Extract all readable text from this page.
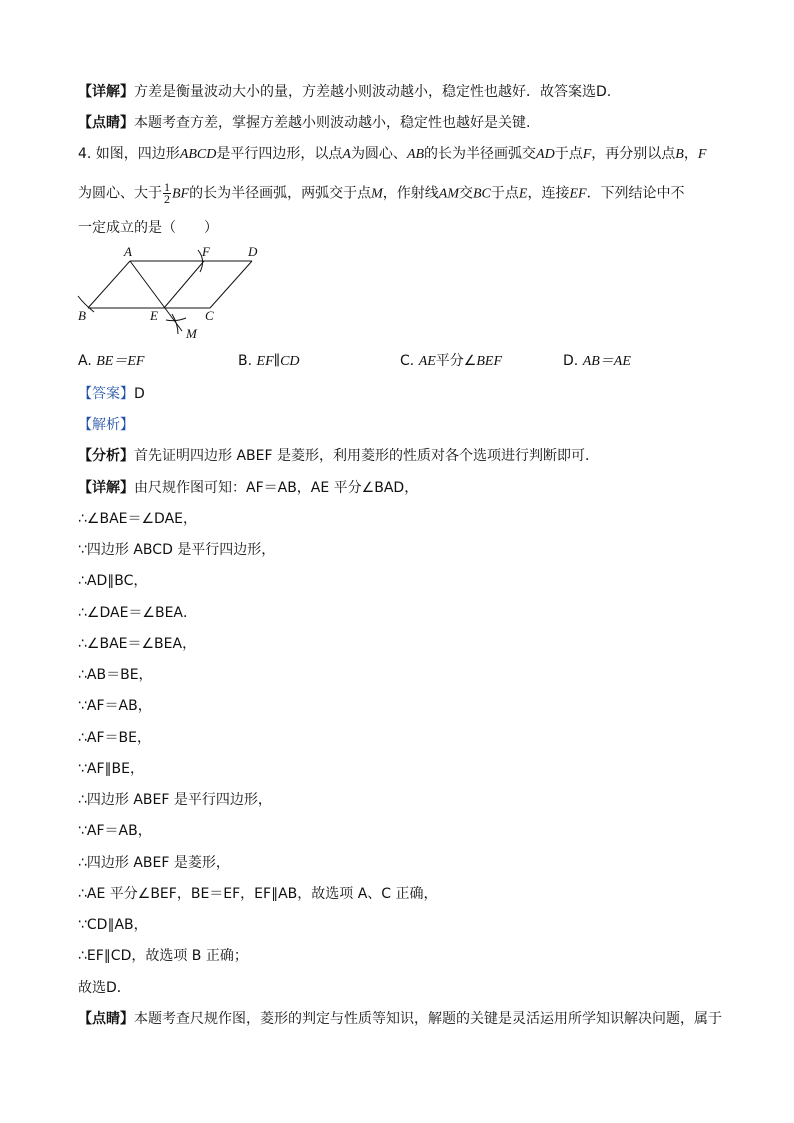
【详解】方差是衡量波动大小的量，方差越小则波动越小，稳定性也越好．故答案选D.
【点睛】本题考查方差，掌握方差越小则波动越小，稳定性也越好是关键.
4. 如图，四边形ABCD是平行四边形，以点A为圆心、AB的长为半径画弧交AD于点F，再分别以点B，F
为圆心、大于 $\frac{1}{2}$ BF的长为半径画弧，两弧交于点M，作射线AM交BC于点E，连接EF．下列结论中不
一定成立的是（　　）
A	F	D
B	E	C
M
A. BE＝EF	B. EF∥CD	C. AE平分∠BEF	D. AB＝AE
【答案】D
【解析】
【分析】首先证明四边形 ABEF 是菱形，利用菱形的性质对各个选项进行判断即可．
【详解】由尺规作图可知：AF＝AB，AE 平分∠BAD，
∴∠BAE＝∠DAE，
∵四边形 ABCD 是平行四边形，
∴AD∥BC，
∴∠DAE＝∠BEA．
∴∠BAE＝∠BEA，
∴AB＝BE，
∵AF＝AB，
∴AF＝BE，
∵AF∥BE，
∴四边形 ABEF 是平行四边形，
∵AF＝AB，
∴四边形 ABEF 是菱形，
∴AE 平分∠BEF，BE＝EF，EF∥AB，故选项 A、C 正确，
∵CD∥AB，
∴EF∥CD，故选项 B 正确；
故选D．
【点睛】本题考查尺规作图，菱形的判定与性质等知识，解题的关键是灵活运用所学知识解决问题，属于
